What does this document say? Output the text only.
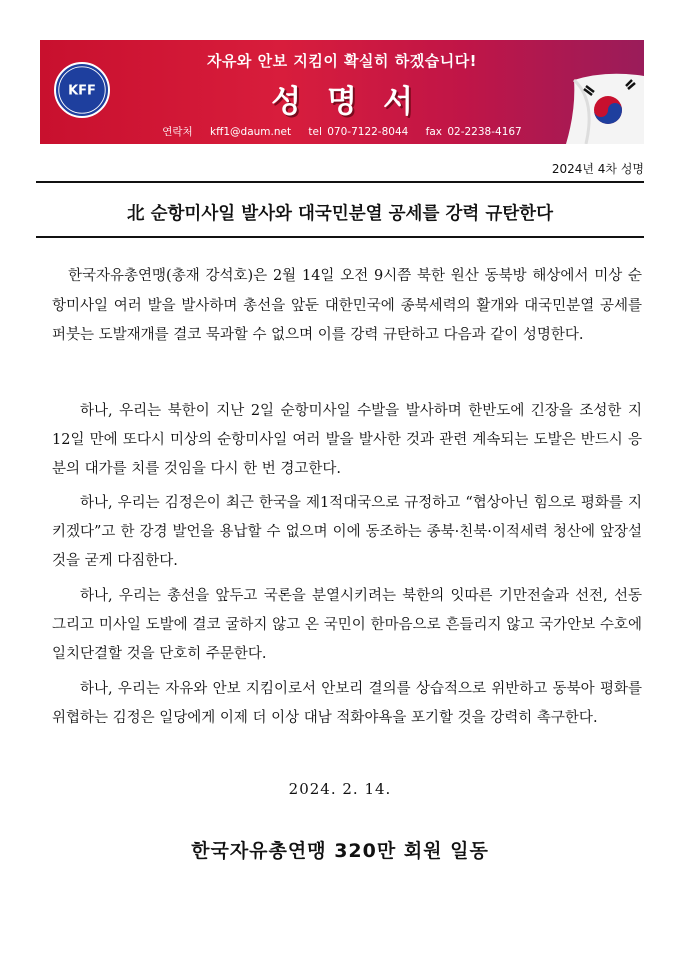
KFF
자유와 안보 지킴이 확실히 하겠습니다!
성명서
연락처 kff1@daum.net tel 070-7122-8044 fax 02-2238-4167
2024년 4차 성명
北 순항미사일 발사와 대국민분열 공세를 강력 규탄한다
한국자유총연맹(총재 강석호)은 2월 14일 오전 9시쯤 북한 원산 동북방 해상에서 미상 순항미사일 여러 발을 발사하며 총선을 앞둔 대한민국에 종북세력의 활개와 대국민분열 공세를 퍼붓는 도발재개를 결코 묵과할 수 없으며 이를 강력 규탄하고 다음과 같이 성명한다.
하나, 우리는 북한이 지난 2일 순항미사일 수발을 발사하며 한반도에 긴장을 조성한 지 12일 만에 또다시 미상의 순항미사일 여러 발을 발사한 것과 관련 계속되는 도발은 반드시 응분의 대가를 치를 것임을 다시 한 번 경고한다.
하나, 우리는 김정은이 최근 한국을 제1적대국으로 규정하고 “협상아닌 힘으로 평화를 지키겠다”고 한 강경 발언을 용납할 수 없으며 이에 동조하는 종북·친북·이적세력 청산에 앞장설 것을 굳게 다짐한다.
하나, 우리는 총선을 앞두고 국론을 분열시키려는 북한의 잇따른 기만전술과 선전, 선동 그리고 미사일 도발에 결코 굴하지 않고 온 국민이 한마음으로 흔들리지 않고 국가안보 수호에 일치단결할 것을 단호히 주문한다.
하나, 우리는 자유와 안보 지킴이로서 안보리 결의를 상습적으로 위반하고 동북아 평화를 위협하는 김정은 일당에게 이제 더 이상 대남 적화야욕을 포기할 것을 강력히 촉구한다.
2024. 2. 14.
한국자유총연맹 320만 회원 일동
